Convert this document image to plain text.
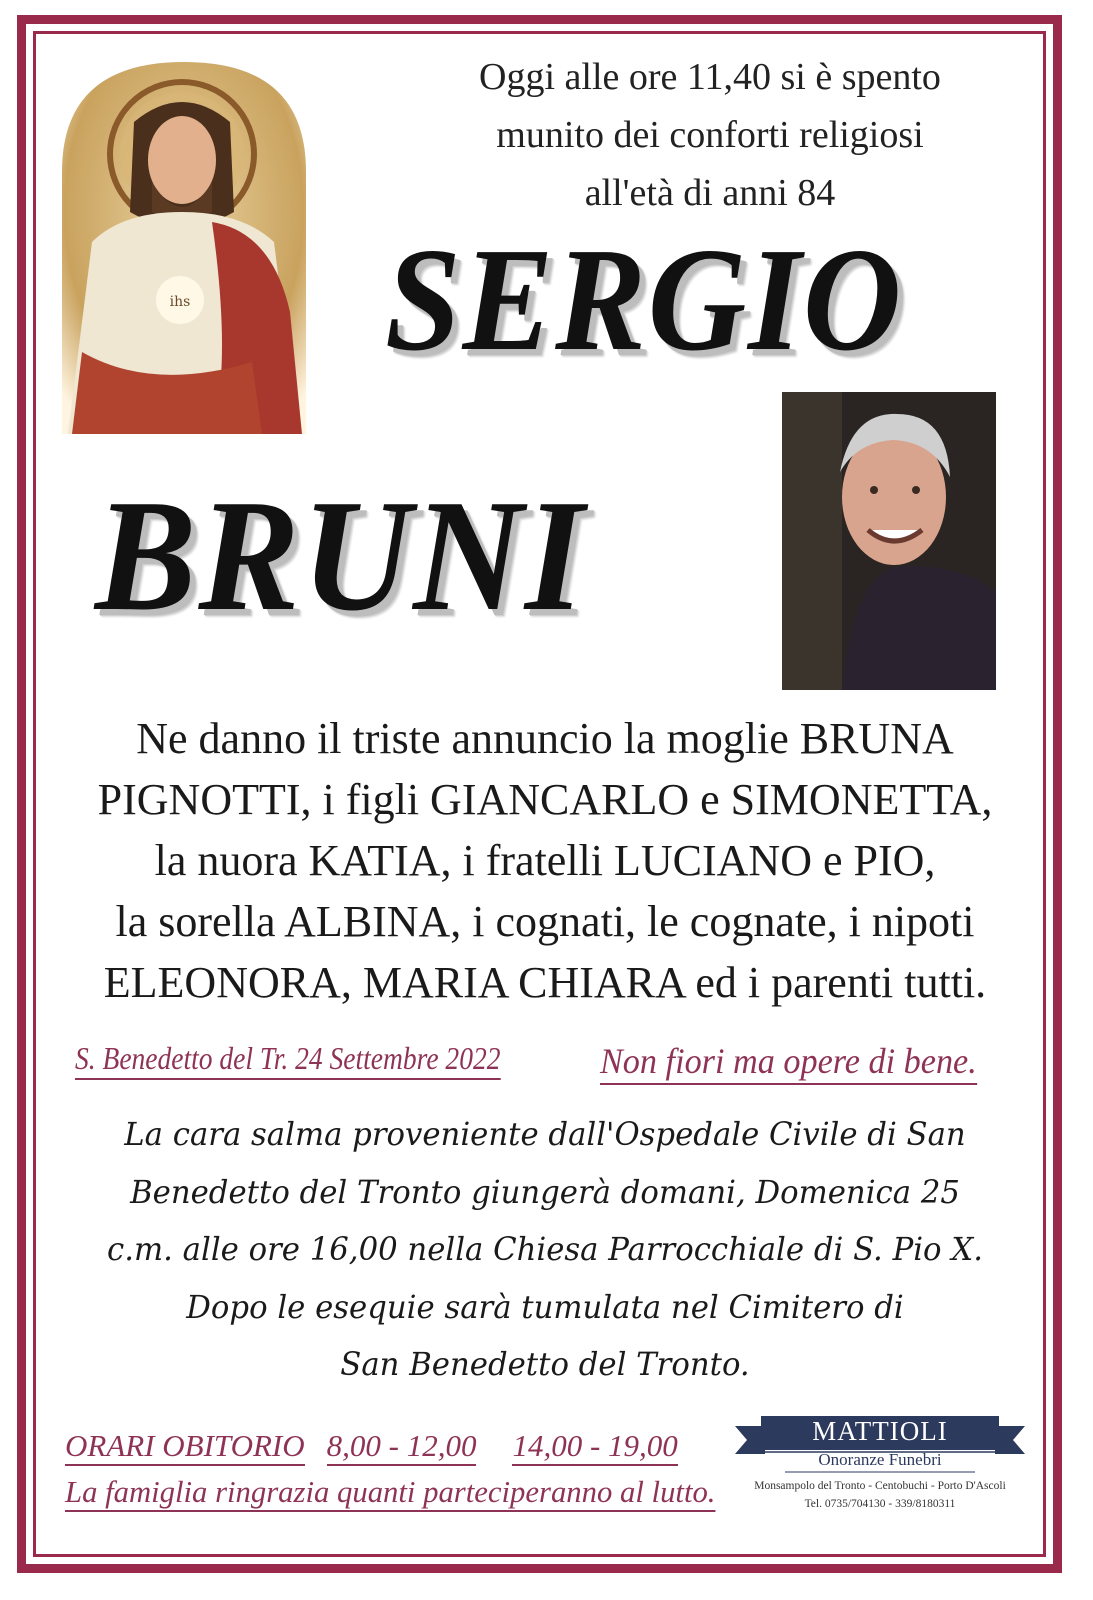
ihs
Oggi alle ore 11,40 si è spento
munito dei conforti religiosi
all'età di anni 84
SERGIO
BRUNI
Ne danno il triste annuncio la moglie BRUNA
PIGNOTTI, i figli GIANCARLO e SIMONETTA,
la nuora KATIA, i fratelli LUCIANO e PIO,
la sorella ALBINA, i cognati, le cognate, i nipoti
ELEONORA, MARIA CHIARA ed i parenti tutti.
S. Benedetto del Tr. 24 Settembre 2022	Non fiori ma opere di bene.
La cara salma proveniente dall'Ospedale Civile di San
Benedetto del Tronto giungerà domani, Domenica 25
c.m. alle ore 16,00 nella Chiesa Parrocchiale di S. Pio X.
Dopo le esequie sarà tumulata nel Cimitero di
San Benedetto del Tronto.
ORARI OBITORIO 8,00 - 12,00 14,00 - 19,00
La famiglia ringrazia quanti parteciperanno al lutto.
MATTIOLI
Onoranze Funebri
Monsampolo del Tronto - Centobuchi - Porto D'Ascoli
Tel. 0735/704130 - 339/8180311
